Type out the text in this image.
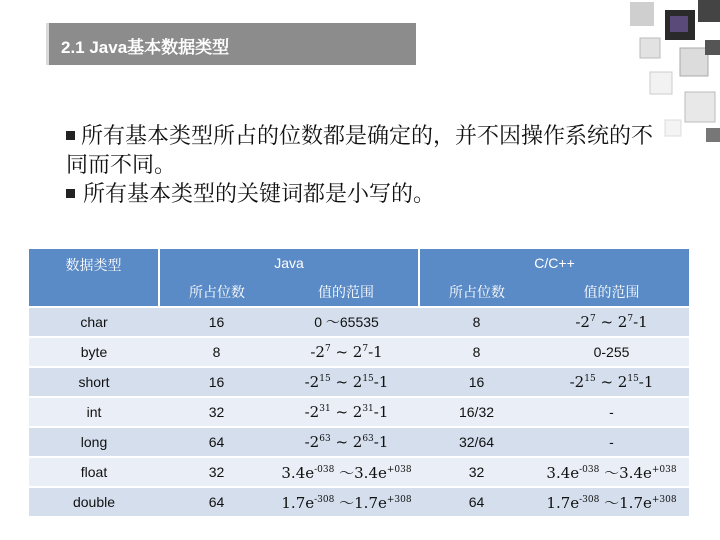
2.1 Java基本数据类型
所有基本类型所占的位数都是确定的，并不因操作系统的不同而不同。
所有基本类型的关键词都是小写的。
数据类型	Java		C/C++	
	所占位数	值的范围	所占位数	值的范围
char	16	0 ～65535	8	$-2^7$ ~ $2^7-1$
byte	8	$-2^7$ ~ $2^7-1$	8	0-255
short	16	$-2^{15}$ ~ $2^{15}-1$	16	$-2^{15}$ ~ $2^{15}-1$
int	32	$-2^{31}$ ~ $2^{31}-1$	16/32	-
long	64	$-2^{63}$ ~ $2^{63}-1$	32/64	-
float	32	$3.4e^{-038}$ $\sim 3.4e^{+038}$	32	$3.4e^{-038}$ $\sim 3.4e^{+038}$
double	64	$1.7e^{-308}$ $\sim 1.7e^{+308}$	64	$1.7e^{-308}$ $\sim 1.7e^{+308}$
